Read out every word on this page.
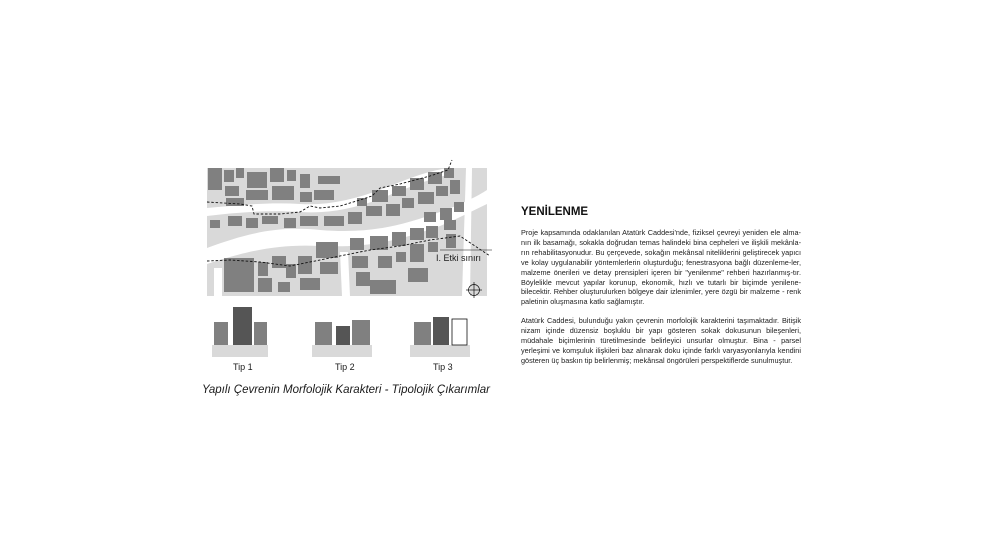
I. Etki sınırı
Tip 1	Tip 2	Tip 3
Yapılı Çevrenin Morfolojik Karakteri - Tipolojik Çıkarımlar
YENİLENME

Proje kapsamında odaklanılan Atatürk Caddesi'nde, fiziksel çevreyi yeniden ele alma-nın ilk basamağı, sokakla doğrudan temas halindeki bina cepheleri ve ilişkili mekânla-rın rehabilitasyonudur. Bu çerçevede, sokağın mekânsal niteliklerini geliştirecek yapıcı ve kolay uygulanabilir yöntemlerlerin oluşturduğu; fenestrasyona bağlı düzenleme-ler, malzeme önerileri ve detay prensipleri içeren bir "yenilenme" rehberi hazırlanmış-tır. Böylelikle mevcut yapılar korunup, ekonomik, hızlı ve tutarlı bir biçimde yenilene-bilecektir. Rehber oluşturulurken bölgeye dair izlenimler, yere özgü bir malzeme - renk paletinin oluşmasına katkı sağlamıştır.

Atatürk Caddesi, bulunduğu yakın çevrenin morfolojik karakterini taşımaktadır. Bitişik nizam içinde düzensiz boşluklu bir yapı gösteren sokak dokusunun bileşenleri, müdahale biçimlerinin türetilmesinde belirleyici unsurlar olmuştur. Bina - parsel yerleşimi ve komşuluk ilişkileri baz alınarak doku içinde farklı varyasyonlarıyla kendini gösteren üç baskın tip belirlenmiş; mekânsal öngörüleri perspektiflerde sunulmuştur.
